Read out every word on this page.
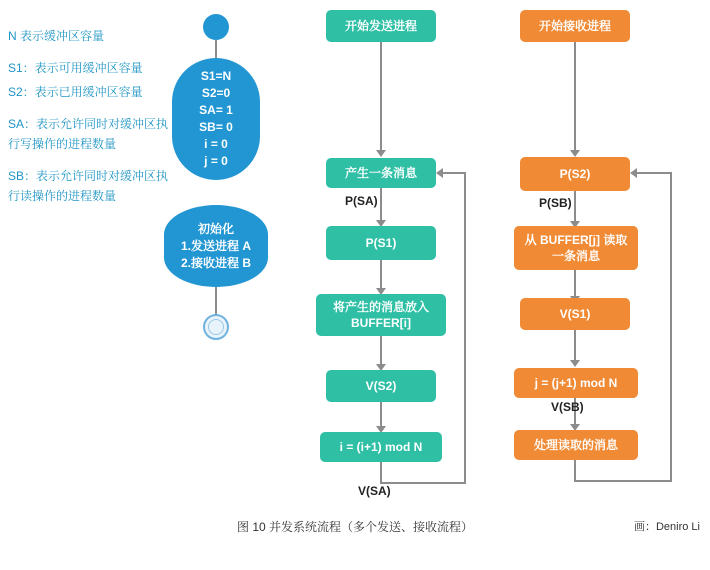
N 表示缓冲区容量
S1：表示可用缓冲区容量
S2：表示已用缓冲区容量
SA：表示允许同时对缓冲区执行写操作的进程数量
SB：表示允许同时对缓冲区执行读操作的进程数量
S1=N
S2=0
SA= 1
SB= 0
i = 0
j = 0
初始化
1.发送进程 A
2.接收进程 B
开始发送进程
产生一条消息
P(SA)
P(S1)
将产生的消息放入
BUFFER[i]
V(S2)
i = (i+1) mod N
V(SA)
开始接收进程
P(S2)
P(SB)
从 BUFFER[j] 读取
一条消息
V(S1)
j = (j+1) mod N
V(SB)
处理读取的消息
图 10 并发系统流程（多个发送、接收流程）	画：Deniro Li
